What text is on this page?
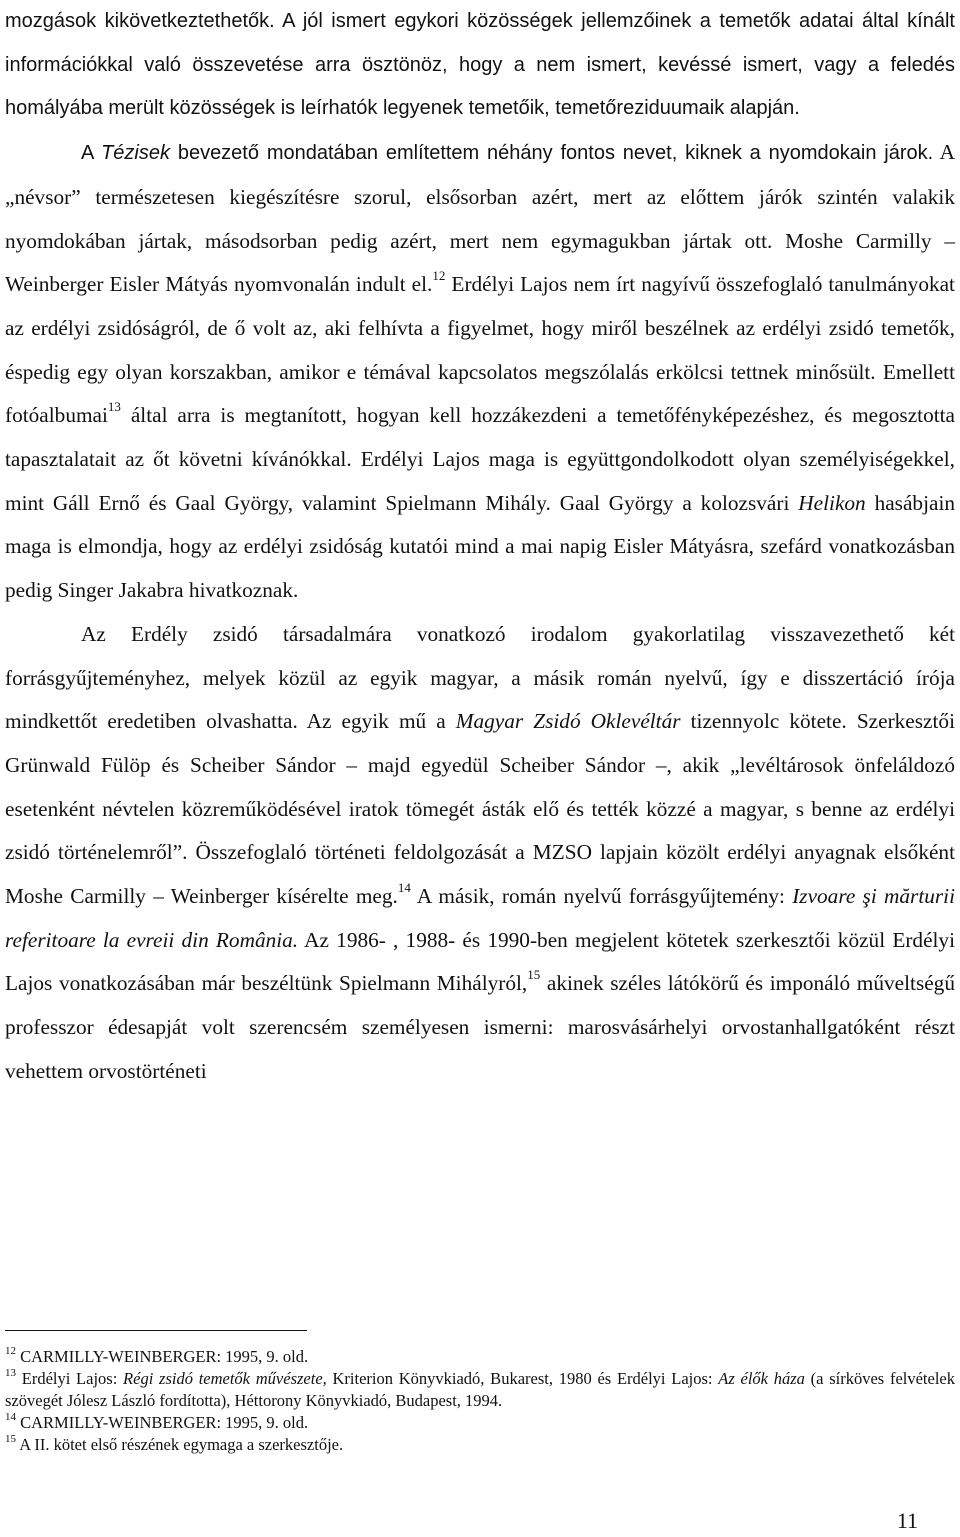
mozgások kikövetkeztethetők. A jól ismert egykori közösségek jellemzőinek a temetők adatai által kínált információkkal való összevetése arra ösztönöz, hogy a nem ismert, kevéssé ismert, vagy a feledés homályába merült közösségek is leírhatók legyenek temetőik, temetőreziduumaik alapján.

A Tézisek bevezető mondatában említettem néhány fontos nevet, kiknek a nyomdokain járok. A „névsor” természetesen kiegészítésre szorul, elsősorban azért, mert az előttem járók szintén valakik nyomdokában jártak, másodsorban pedig azért, mert nem egymagukban jártak ott. Moshe Carmilly – Weinberger Eisler Mátyás nyomvonalán indult el.$^{12}$ Erdélyi Lajos nem írt nagyívű összefoglaló tanulmányokat az erdélyi zsidóságról, de ő volt az, aki felhívta a figyelmet, hogy miről beszélnek az erdélyi zsidó temetők, éspedig egy olyan korszakban, amikor e témával kapcsolatos megszólalás erkölcsi tettnek minősült. Emellett fotóalbumai$^{13}$ által arra is megtanított, hogyan kell hozzákezdeni a temetőfényképezéshez, és megosztotta tapasztalatait az őt követni kívánókkal. Erdélyi Lajos maga is együttgondolkodott olyan személyiségekkel, mint Gáll Ernő és Gaal György, valamint Spielmann Mihály. Gaal György a kolozsvári Helikon hasábjain maga is elmondja, hogy az erdélyi zsidóság kutatói mind a mai napig Eisler Mátyásra, szefárd vonatkozásban pedig Singer Jakabra hivatkoznak.

Az Erdély zsidó társadalmára vonatkozó irodalom gyakorlatilag visszavezethető két forrásgyűjteményhez, melyek közül az egyik magyar, a másik román nyelvű, így e disszertáció írója mindkettőt eredetiben olvashatta. Az egyik mű a Magyar Zsidó Oklevéltár tizennyolc kötete. Szerkesztői Grünwald Fülöp és Scheiber Sándor – majd egyedül Scheiber Sándor –, akik „levéltárosok önfeláldozó esetenként névtelen közreműködésével iratok tömegét ásták elő és tették közzé a magyar, s benne az erdélyi zsidó történelemről”. Összefoglaló történeti feldolgozását a MZSO lapjain közölt erdélyi anyagnak elsőként Moshe Carmilly – Weinberger kísérelte meg.$^{14}$ A másik, román nyelvű forrásgyűjtemény: Izvoare şi mărturii referitoare la evreii din România. Az 1986- , 1988- és 1990-ben megjelent kötetek szerkesztői közül Erdélyi Lajos vonatkozásában már beszéltünk Spielmann Mihályról,$^{15}$ akinek széles látókörű és imponáló műveltségű professzor édesapját volt szerencsém személyesen ismerni: marosvásárhelyi orvostanhallgatóként részt vehettem orvostörténeti

$^{12}$ CARMILLY-WEINBERGER: 1995, 9. old.

$^{13}$ Erdélyi Lajos: Régi zsidó temetők művészete, Kriterion Könyvkiadó, Bukarest, 1980 és Erdélyi Lajos: Az élők háza (a sírköves felvételek szövegét Jólesz László fordította), Héttorony Könyvkiadó, Budapest, 1994.

$^{14}$ CARMILLY-WEINBERGER: 1995, 9. old.

$^{15}$ A II. kötet első részének egymaga a szerkesztője.

11
